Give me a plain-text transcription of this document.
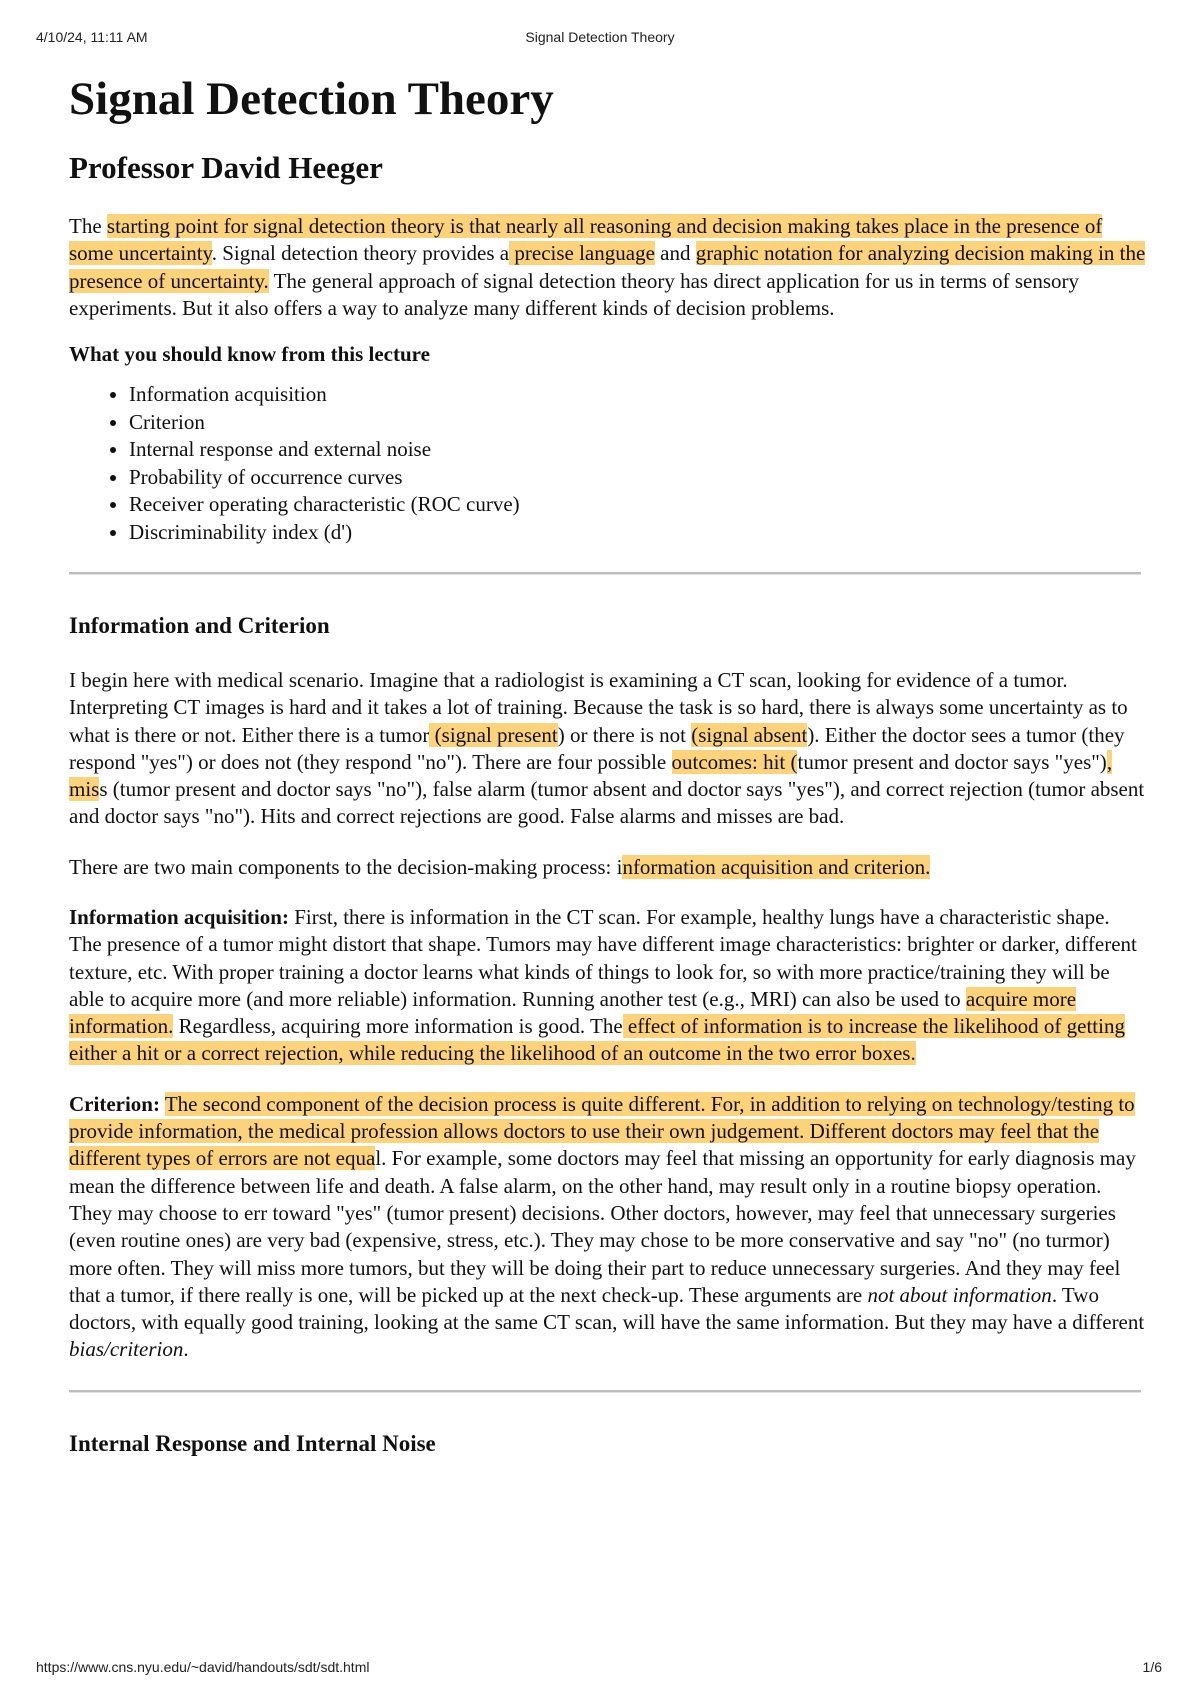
4/10/24, 11:11 AM	Signal Detection Theory
Signal Detection Theory
Professor David Heeger

The starting point for signal detection theory is that nearly all reasoning and decision making takes place in the presence of some uncertainty. Signal detection theory provides a precise language and graphic notation for analyzing decision making in the presence of uncertainty. The general approach of signal detection theory has direct application for us in terms of sensory experiments. But it also offers a way to analyze many different kinds of decision problems.

What you should know from this lecture
• Information acquisition
• Criterion
• Internal response and external noise
• Probability of occurrence curves
• Receiver operating characteristic (ROC curve)
• Discriminability index (d')
Information and Criterion

I begin here with medical scenario. Imagine that a radiologist is examining a CT scan, looking for evidence of a tumor. Interpreting CT images is hard and it takes a lot of training. Because the task is so hard, there is always some uncertainty as to what is there or not. Either there is a tumor (signal present) or there is not (signal absent). Either the doctor sees a tumor (they respond "yes") or does not (they respond "no"). There are four possible outcomes: hit (tumor present and doctor says "yes"), miss (tumor present and doctor says "no"), false alarm (tumor absent and doctor says "yes"), and correct rejection (tumor absent and doctor says "no"). Hits and correct rejections are good. False alarms and misses are bad.

There are two main components to the decision-making process: information acquisition and criterion.

Information acquisition: First, there is information in the CT scan. For example, healthy lungs have a characteristic shape. The presence of a tumor might distort that shape. Tumors may have different image characteristics: brighter or darker, different texture, etc. With proper training a doctor learns what kinds of things to look for, so with more practice/training they will be able to acquire more (and more reliable) information. Running another test (e.g., MRI) can also be used to acquire more information. Regardless, acquiring more information is good. The effect of information is to increase the likelihood of getting either a hit or a correct rejection, while reducing the likelihood of an outcome in the two error boxes.

Criterion: The second component of the decision process is quite different. For, in addition to relying on technology/testing to provide information, the medical profession allows doctors to use their own judgement. Different doctors may feel that the different types of errors are not equal. For example, some doctors may feel that missing an opportunity for early diagnosis may mean the difference between life and death. A false alarm, on the other hand, may result only in a routine biopsy operation. They may choose to err toward "yes" (tumor present) decisions. Other doctors, however, may feel that unnecessary surgeries (even routine ones) are very bad (expensive, stress, etc.). They may chose to be more conservative and say "no" (no turmor) more often. They will miss more tumors, but they will be doing their part to reduce unnecessary surgeries. And they may feel that a tumor, if there really is one, will be picked up at the next check-up. These arguments are not about information. Two doctors, with equally good training, looking at the same CT scan, will have the same information. But they may have a different bias/criterion.

Internal Response and Internal Noise
https://www.cns.nyu.edu/~david/handouts/sdt/sdt.html	1/6
